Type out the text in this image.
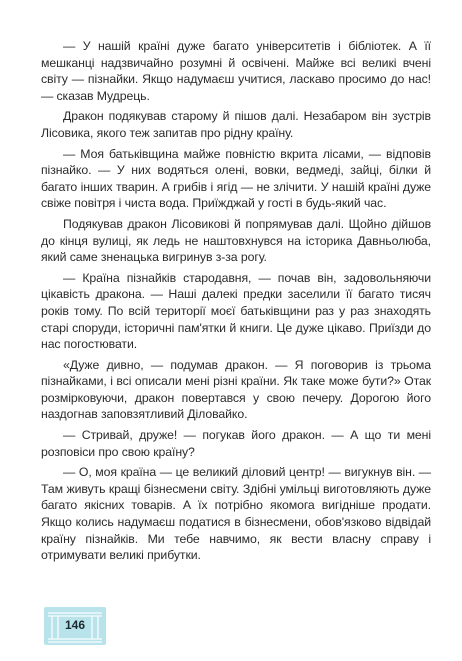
— У нашій країні дуже багато університетів і бібліотек. А її мешканці надзвичайно розумні й освічені. Майже всі великі вчені світу — пізнайки. Якщо надумаєш учитися, ласкаво просимо до нас! — сказав Мудрець.

Дракон подякував старому й пішов далі. Незабаром він зустрів Лісовика, якого теж запитав про рідну країну.

— Моя батьківщина майже повністю вкрита лісами, — відповів пізнайко. — У них водяться олені, вовки, ведмеді, зайці, білки й багато інших тварин. А грибів і ягід — не злічити. У нашій країні дуже свіже повітря і чиста вода. Приїжджай у гості в будь-який час.

Подякував дракон Лісовикові й попрямував далі. Щойно дійшов до кінця вулиці, як ледь не наштовхнувся на історика Давньолюба, який саме зненацька вигринув з-за рогу.

— Країна пізнайків стародавня, — почав він, задовольняючи цікавість дракона. — Наші далекі предки заселили її багато тисяч років тому. По всій території моєї батьківщини раз у раз знаходять старі споруди, історичні пам'ятки й книги. Це дуже цікаво. Приїзди до нас погостювати.

«Дуже дивно, — подумав дракон. — Я поговорив із трьома пізнайками, і всі описали мені різні країни. Як таке може бути?» Отак розмірковуючи, дракон повертався у свою печеру. Дорогою його наздогнав заповзятливий Діловайко.

— Стривай, друже! — погукав його дракон. — А що ти мені розповіси про свою країну?

— О, моя країна — це великий діловий центр! — вигукнув він. — Там живуть кращі бізнесмени світу. Здібні умільці виготовляють дуже багато якісних товарів. А їх потрібно якомога вигідніше продати. Якщо колись надумаєш податися в бізнесмени, обов'язково відвідай країну пізнайків. Ми тебе навчимо, як вести власну справу і отримувати великі прибутки.

146
